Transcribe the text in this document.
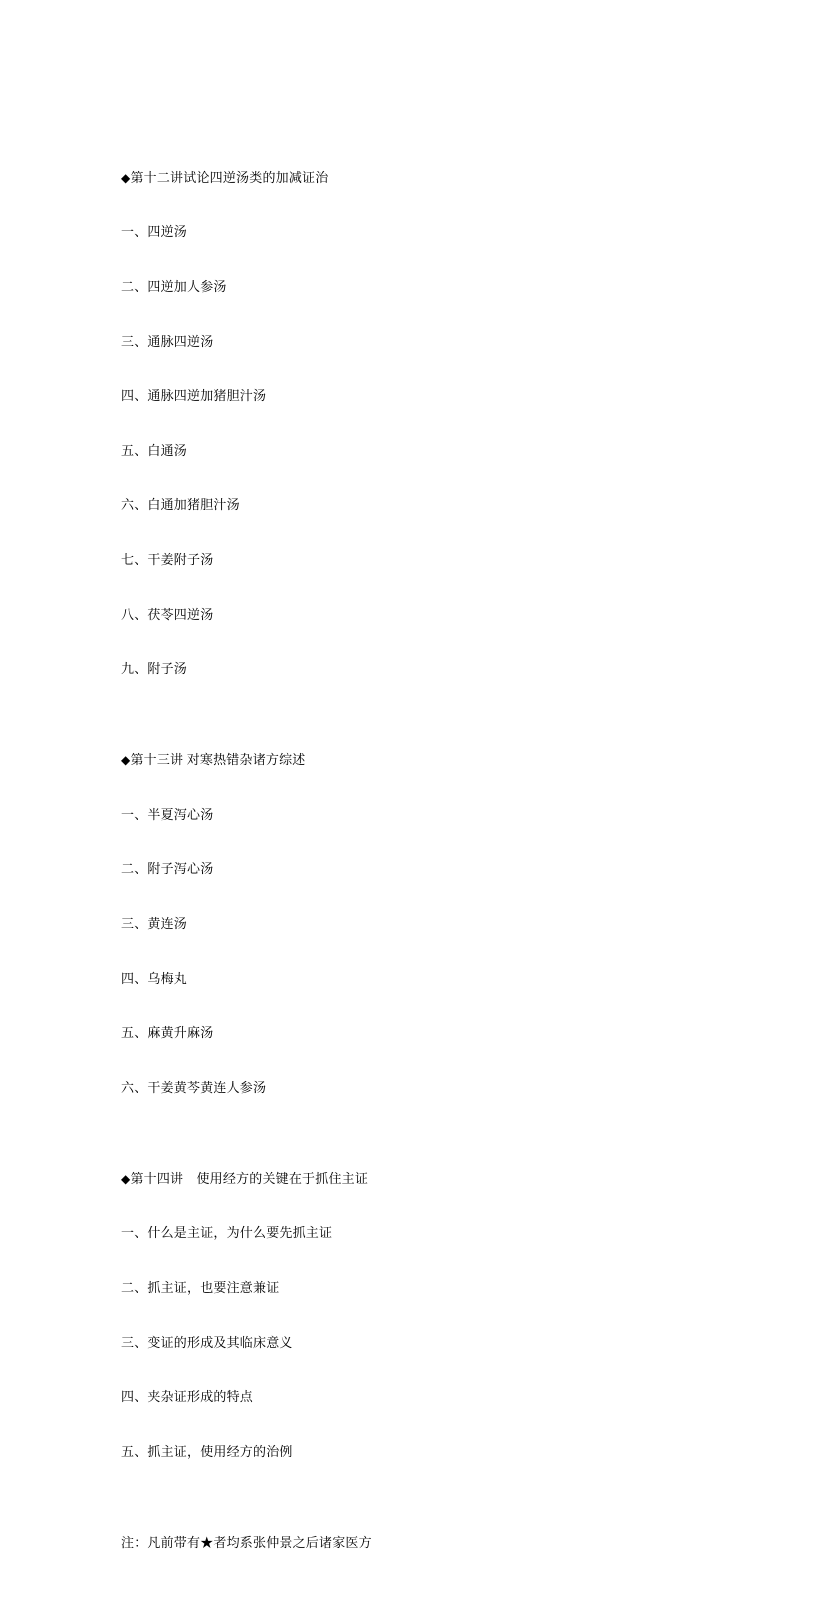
◆第十二讲试论四逆汤类的加减证治

一、四逆汤

二、四逆加人参汤

三、通脉四逆汤

四、通脉四逆加猪胆汁汤

五、白通汤

六、白通加猪胆汁汤

七、干姜附子汤

八、茯苓四逆汤

九、附子汤

◆第十三讲 对寒热错杂诸方综述

一、半夏泻心汤

二、附子泻心汤

三、黄连汤

四、乌梅丸

五、麻黄升麻汤

六、干姜黄芩黄连人参汤

◆第十四讲　使用经方的关键在于抓住主证

一、什么是主证，为什么要先抓主证

二、抓主证，也要注意兼证

三、变证的形成及其临床意义

四、夹杂证形成的特点

五、抓主证，使用经方的治例

注：凡前带有★者均系张仲景之后诸家医方
